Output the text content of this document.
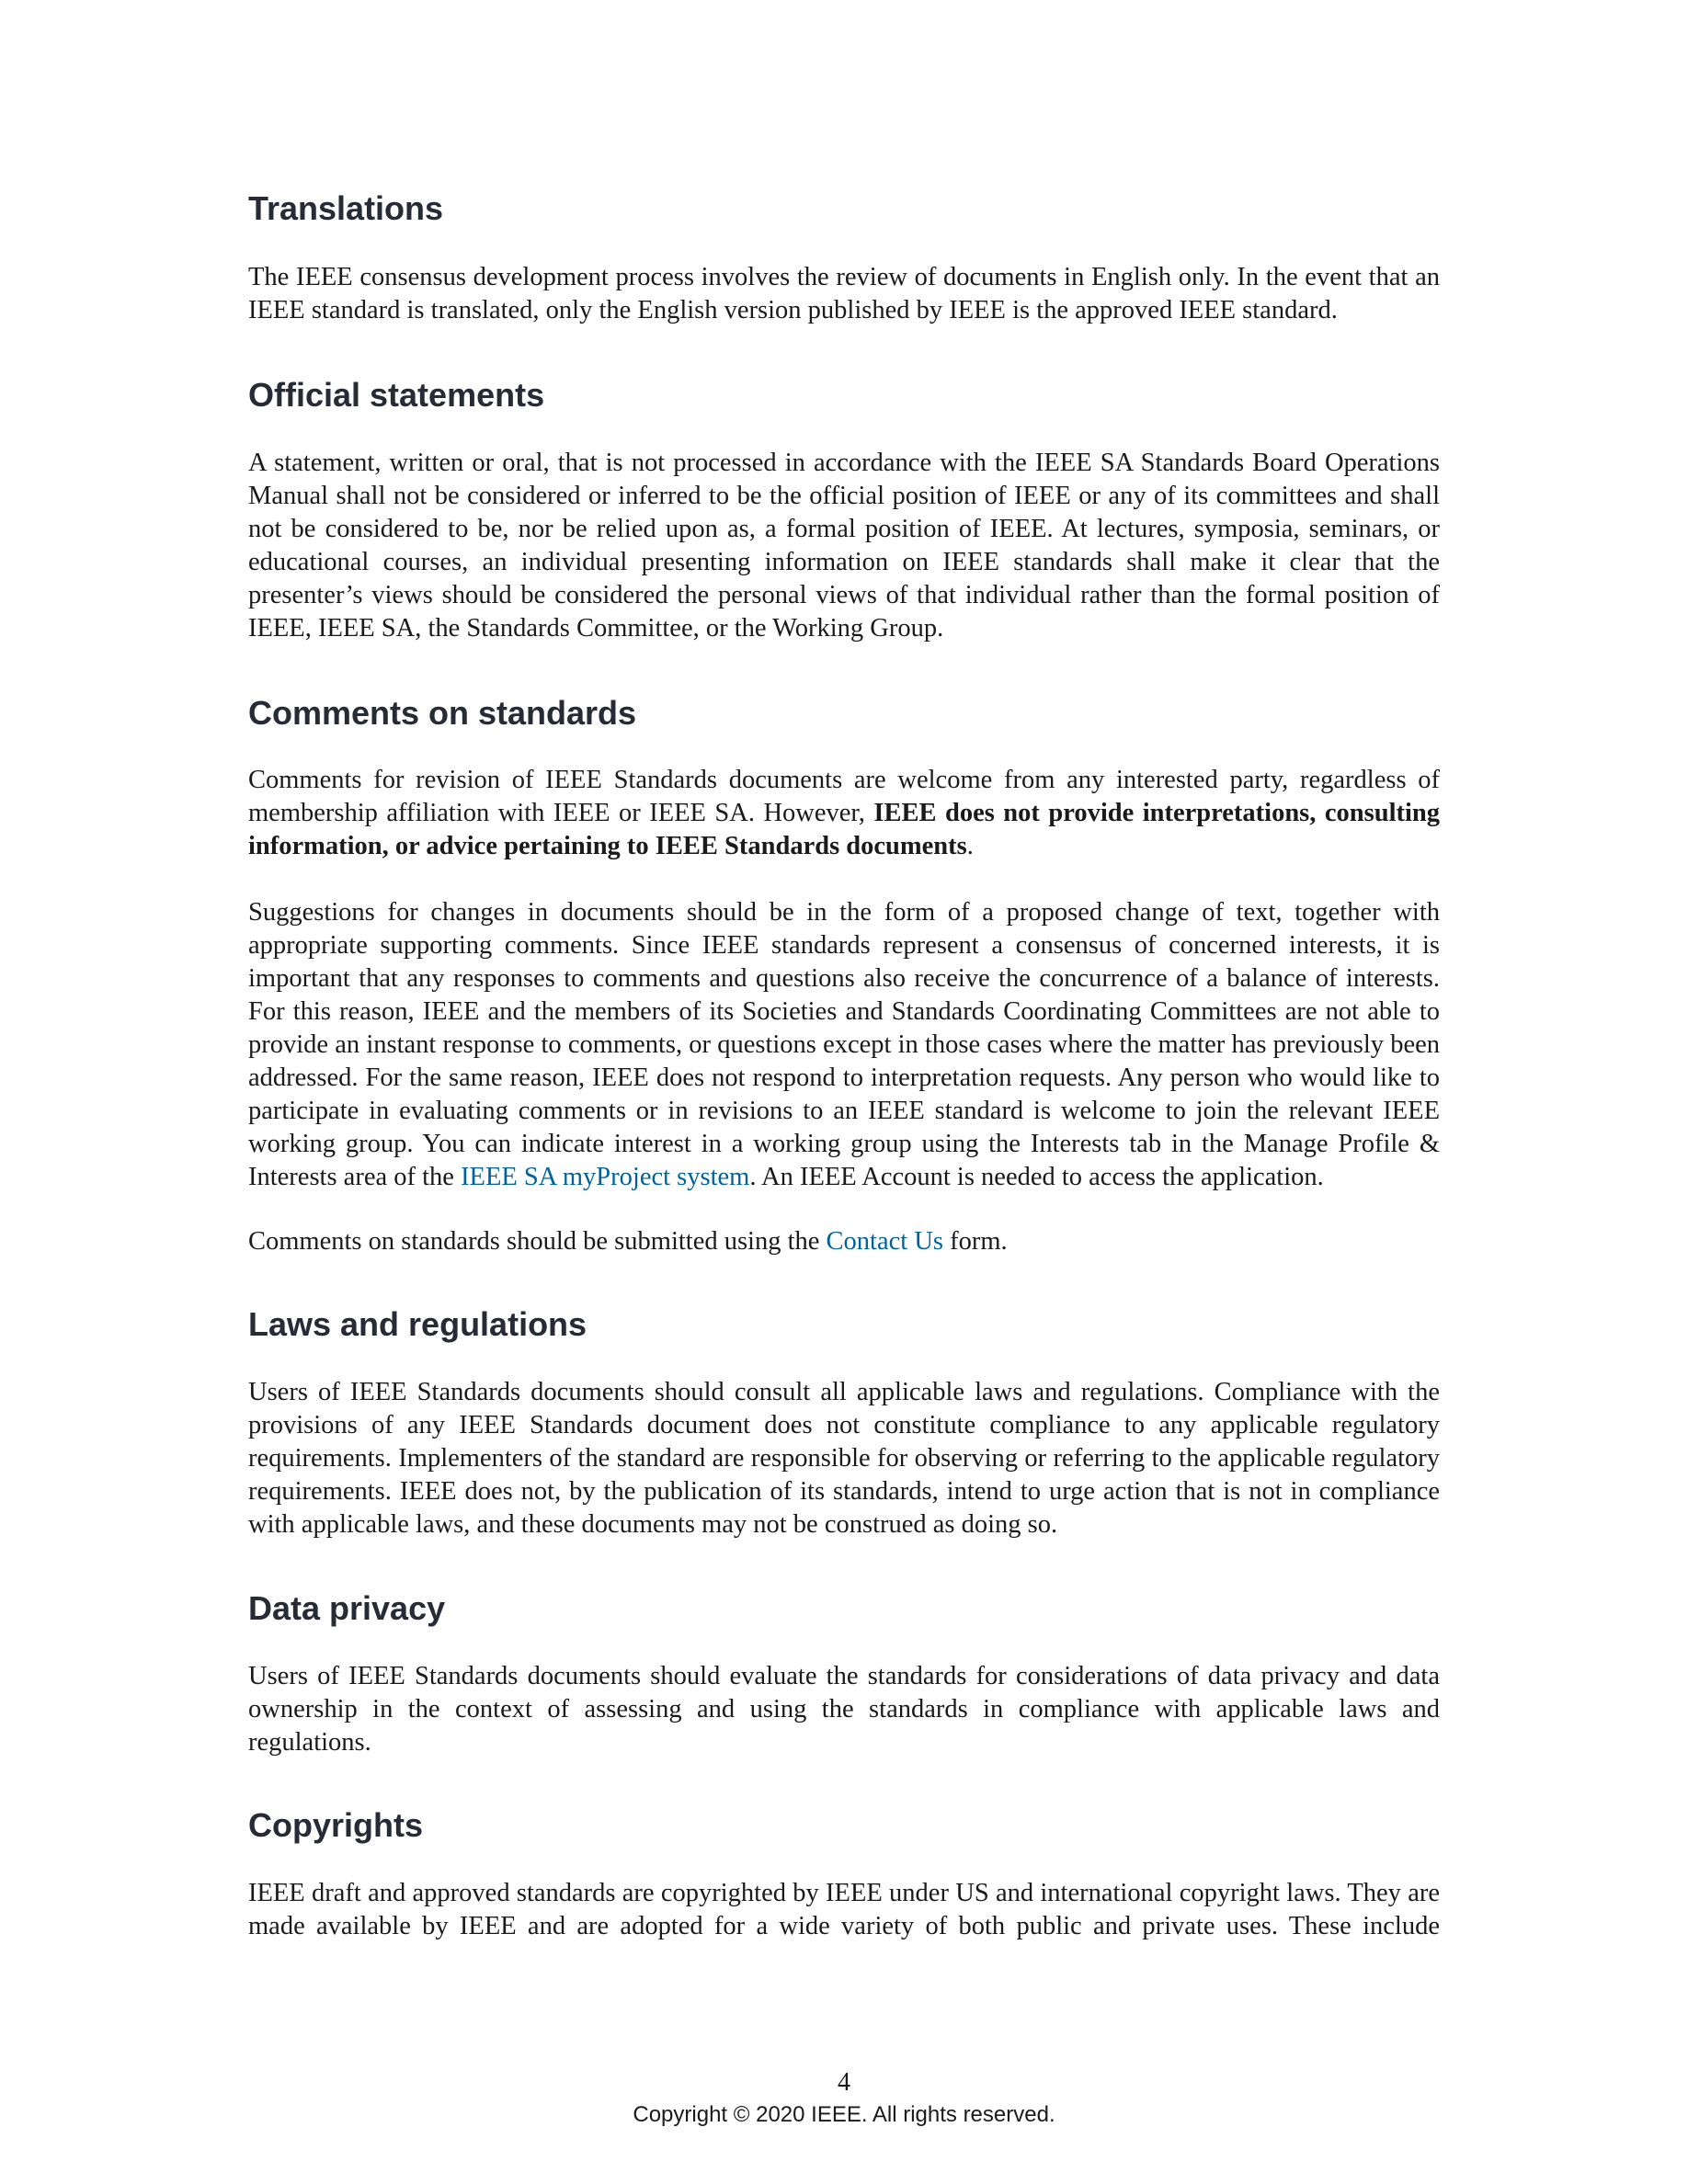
Translations

The IEEE consensus development process involves the review of documents in English only. In the event that an IEEE standard is translated, only the English version published by IEEE is the approved IEEE standard.

Official statements

A statement, written or oral, that is not processed in accordance with the IEEE SA Standards Board Operations Manual shall not be considered or inferred to be the official position of IEEE or any of its committees and shall not be considered to be, nor be relied upon as, a formal position of IEEE. At lectures, symposia, seminars, or educational courses, an individual presenting information on IEEE standards shall make it clear that the presenter’s views should be considered the personal views of that individual rather than the formal position of IEEE, IEEE SA, the Standards Committee, or the Working Group.

Comments on standards

Comments for revision of IEEE Standards documents are welcome from any interested party, regardless of membership affiliation with IEEE or IEEE SA. However, IEEE does not provide interpretations, consulting information, or advice pertaining to IEEE Standards documents.

Suggestions for changes in documents should be in the form of a proposed change of text, together with appropriate supporting comments. Since IEEE standards represent a consensus of concerned interests, it is important that any responses to comments and questions also receive the concurrence of a balance of interests. For this reason, IEEE and the members of its Societies and Standards Coordinating Committees are not able to provide an instant response to comments, or questions except in those cases where the matter has previously been addressed. For the same reason, IEEE does not respond to interpretation requests. Any person who would like to participate in evaluating comments or in revisions to an IEEE standard is welcome to join the relevant IEEE working group. You can indicate interest in a working group using the Interests tab in the Manage Profile & Interests area of the IEEE SA myProject system. An IEEE Account is needed to access the application.

Comments on standards should be submitted using the Contact Us form.

Laws and regulations

Users of IEEE Standards documents should consult all applicable laws and regulations. Compliance with the provisions of any IEEE Standards document does not constitute compliance to any applicable regulatory requirements. Implementers of the standard are responsible for observing or referring to the applicable regulatory requirements. IEEE does not, by the publication of its standards, intend to urge action that is not in compliance with applicable laws, and these documents may not be construed as doing so.

Data privacy

Users of IEEE Standards documents should evaluate the standards for considerations of data privacy and data ownership in the context of assessing and using the standards in compliance with applicable laws and regulations.

Copyrights

IEEE draft and approved standards are copyrighted by IEEE under US and international copyright laws. They are made available by IEEE and are adopted for a wide variety of both public and private uses. These include

4
Copyright © 2020 IEEE. All rights reserved.
